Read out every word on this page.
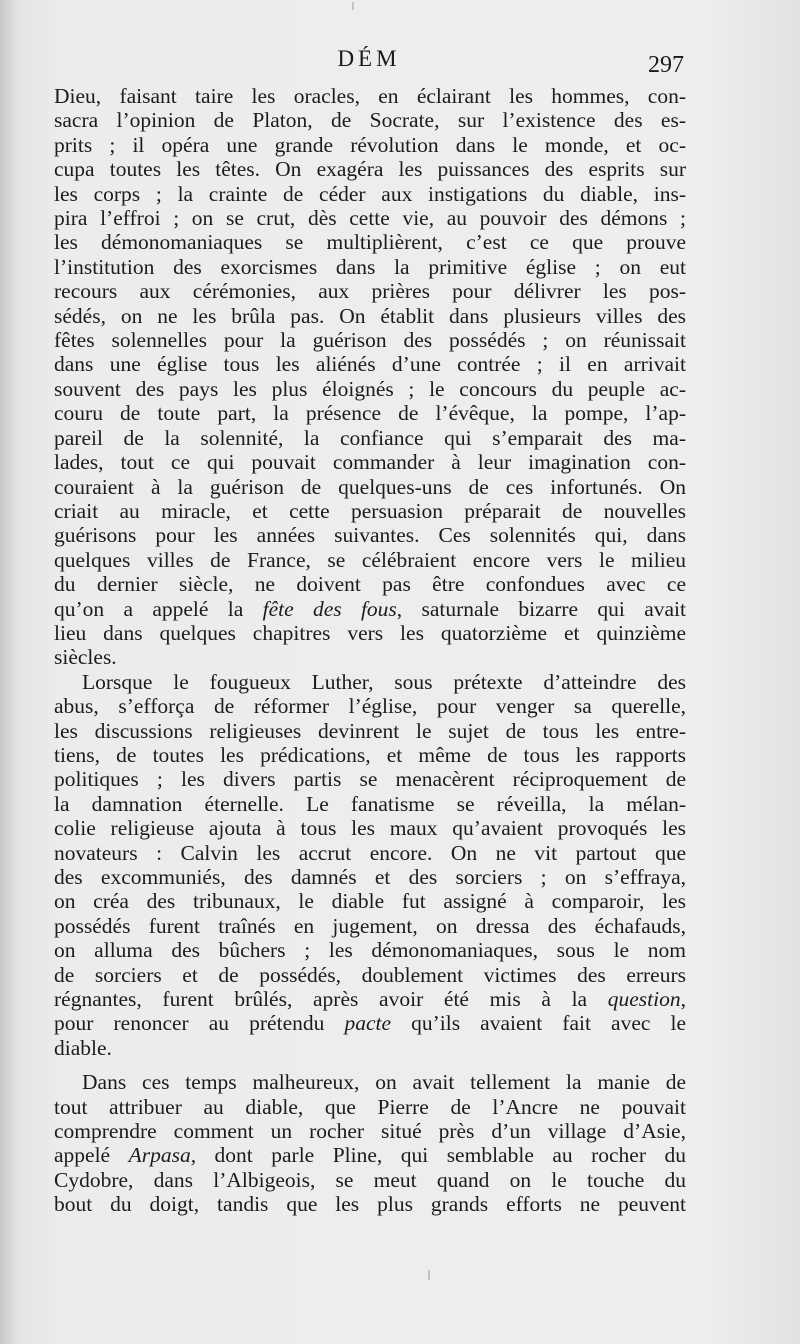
DÉM	297
Dieu, faisant taire les oracles, en éclairant les hommes, con-
sacra l’opinion de Platon, de Socrate, sur l’existence des es-
prits ; il opéra une grande révolution dans le monde, et oc-
cupa toutes les têtes. On exagéra les puissances des esprits sur
les corps ; la crainte de céder aux instigations du diable, ins-
pira l’effroi ; on se crut, dès cette vie, au pouvoir des démons ;
les démonomaniaques se multiplièrent, c’est ce que prouve
l’institution des exorcismes dans la primitive église ; on eut
recours aux cérémonies, aux prières pour délivrer les pos-
sédés, on ne les brûla pas. On établit dans plusieurs villes des
fêtes solennelles pour la guérison des possédés ; on réunissait
dans une église tous les aliénés d’une contrée ; il en arrivait
souvent des pays les plus éloignés ; le concours du peuple ac-
couru de toute part, la présence de l’évêque, la pompe, l’ap-
pareil de la solennité, la confiance qui s’emparait des ma-
lades, tout ce qui pouvait commander à leur imagination con-
couraient à la guérison de quelques-uns de ces infortunés. On
criait au miracle, et cette persuasion préparait de nouvelles
guérisons pour les années suivantes. Ces solennités qui, dans
quelques villes de France, se célébraient encore vers le milieu
du dernier siècle, ne doivent pas être confondues avec ce
qu’on a appelé la fête des fous, saturnale bizarre qui avait
lieu dans quelques chapitres vers les quatorzième et quinzième
siècles.
Lorsque le fougueux Luther, sous prétexte d’atteindre des
abus, s’efforça de réformer l’église, pour venger sa querelle,
les discussions religieuses devinrent le sujet de tous les entre-
tiens, de toutes les prédications, et même de tous les rapports
politiques ; les divers partis se menacèrent réciproquement de
la damnation éternelle. Le fanatisme se réveilla, la mélan-
colie religieuse ajouta à tous les maux qu’avaient provoqués les
novateurs : Calvin les accrut encore. On ne vit partout que
des excommuniés, des damnés et des sorciers ; on s’effraya,
on créa des tribunaux, le diable fut assigné à comparoir, les
possédés furent traînés en jugement, on dressa des échafauds,
on alluma des bûchers ; les démonomaniaques, sous le nom
de sorciers et de possédés, doublement victimes des erreurs
régnantes, furent brûlés, après avoir été mis à la question,
pour renoncer au prétendu pacte qu’ils avaient fait avec le
diable.
Dans ces temps malheureux, on avait tellement la manie de
tout attribuer au diable, que Pierre de l’Ancre ne pouvait
comprendre comment un rocher situé près d’un village d’Asie,
appelé Arpasa, dont parle Pline, qui semblable au rocher du
Cydobre, dans l’Albigeois, se meut quand on le touche du
bout du doigt, tandis que les plus grands efforts ne peuvent
